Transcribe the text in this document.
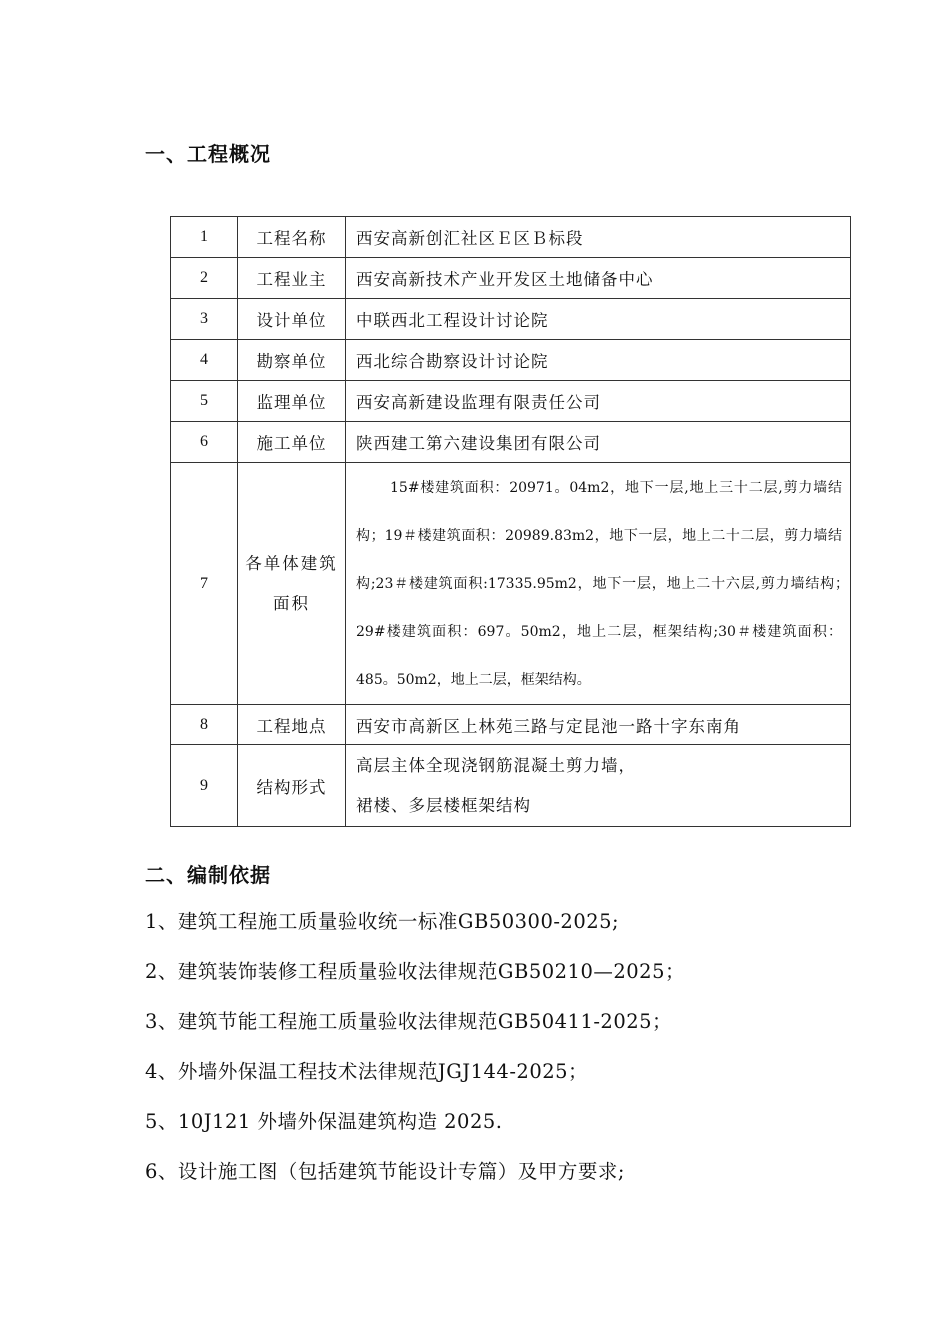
一、工程概况
1	工程名称	西安高新创汇社区Ｅ区Ｂ标段
2	工程业主	西安高新技术产业开发区土地储备中心
3	设计单位	中联西北工程设计讨论院
4	勘察单位	西北综合勘察设计讨论院
5	监理单位	西安高新建设监理有限责任公司
6	施工单位	陕西建工第六建设集团有限公司
7	各单体建筑面积	15#楼建筑面积：20971。04m2，地下一层,地上三十二层,剪力墙结构；19＃楼建筑面积：20989.83m2，地下一层，地上二十二层，剪力墙结构;23＃楼建筑面积:17335.95m2，地下一层，地上二十六层,剪力墙结构；　29#楼建筑面积：697。50m2，地上二层，框架结构;30＃楼建筑面积：485。50m2，地上二层，框架结构。
8	工程地点	西安市高新区上林苑三路与定昆池一路十字东南角
9	结构形式	高层主体全现浇钢筋混凝土剪力墙，
裙楼、多层楼框架结构
二、编制依据
1、建筑工程施工质量验收统一标准GB50300-2025;
2、建筑装饰装修工程质量验收法律规范GB50210—2025；
3、建筑节能工程施工质量验收法律规范GB50411-2025；
4、外墙外保温工程技术法律规范JGJ144-2025；
5、10J121 外墙外保温建筑构造 2025.
6、设计施工图（包括建筑节能设计专篇）及甲方要求;
